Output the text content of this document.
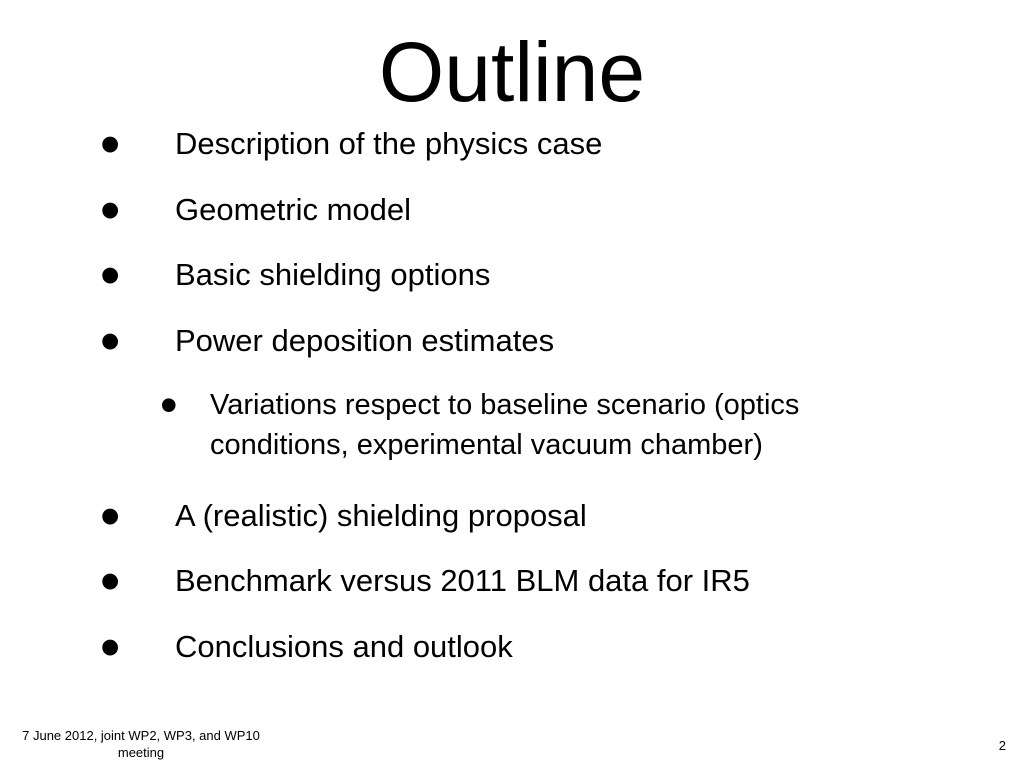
Outline
• Description of the physics case
• Geometric model
• Basic shielding options
• Power deposition estimates
• Variations respect to baseline scenario (optics conditions, experimental vacuum chamber)
• A (realistic) shielding proposal
• Benchmark versus 2011 BLM data for IR5
• Conclusions and outlook
7 June 2012, joint WP2, WP3, and WP10
meeting	2
